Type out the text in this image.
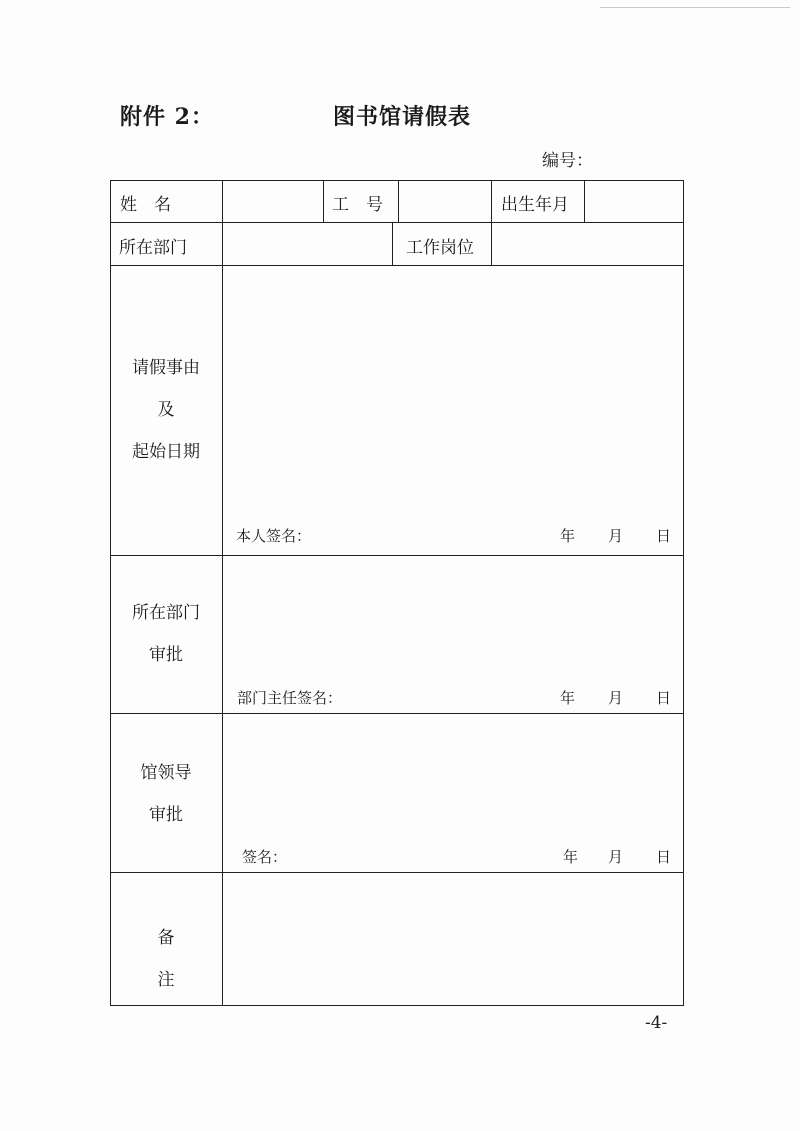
附件 2：	图书馆请假表
编号：
姓　名	工　号	出生年月
所在部门	工作岗位
请假事由
及
起始日期
本人签名：	年 月 日
所在部门
审批
部门主任签名：	年 月 日
馆领导
审批
签名：	年 月 日
备
注
-4-
